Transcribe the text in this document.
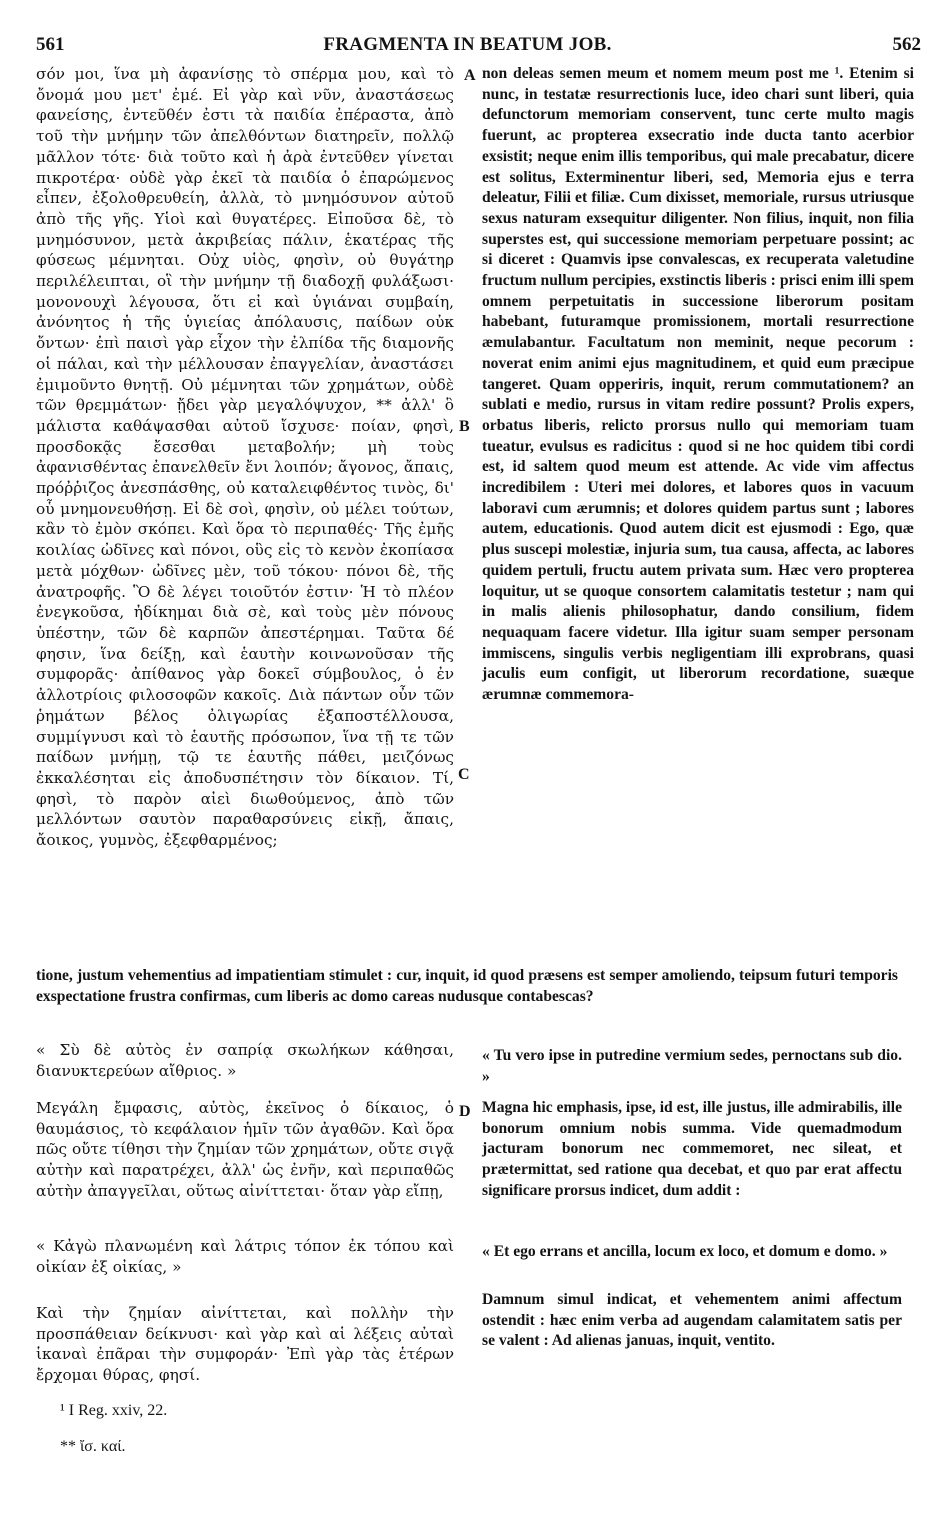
561	FRAGMENTA IN BEATUM JOB.	562

σόν μοι, ἵνα μὴ ἀφανίσῃς τὸ σπέρμα μου, καὶ τὸ ὄνομά μου μετ' ἐμέ. Εἰ γὰρ καὶ νῦν, ἀναστάσεως φανείσης, ἐντεῦθέν ἐστι τὰ παιδία ἐπέραστα, ἀπὸ τοῦ τὴν μνήμην τῶν ἀπελθόντων διατηρεῖν, πολλῷ μᾶλλον τότε· διὰ τοῦτο καὶ ἡ ἀρὰ ἐντεῦθεν γίνεται πικροτέρα· οὐδὲ γὰρ ἐκεῖ τὰ παιδία ὁ ἐπαρώμενος εἶπεν, ἐξολοθρευθείη, ἀλλὰ, τὸ μνημόσυνον αὐτοῦ ἀπὸ τῆς γῆς. Υἱοὶ καὶ θυγατέρες. Εἰποῦσα δὲ, τὸ μνημόσυνον, μετὰ ἀκριβείας πάλιν, ἑκατέρας τῆς φύσεως μέμνηται. Οὐχ υἱὸς, φησὶν, οὐ θυγάτηρ περιλέλειπται, οἳ τὴν μνήμην τῇ διαδοχῇ φυλάξωσι· μονονουχὶ λέγουσα, ὅτι εἰ καὶ ὑγιάναι συμβαίη, ἀνόνητος ἡ τῆς ὑγιείας ἀπόλαυσις, παίδων οὐκ ὄντων· ἐπὶ παισὶ γὰρ εἶχον τὴν ἐλπίδα τῆς διαμονῆς οἱ πάλαι, καὶ τὴν μέλλουσαν ἐπαγγελίαν, ἀναστάσει ἐμιμοῦντο θνητῇ. Οὐ μέμνηται τῶν χρημάτων, οὐδὲ τῶν θρεμμάτων· ᾔδει γὰρ μεγαλόψυχον, ** ἀλλ' ὃ μάλιστα καθάψασθαι αὐτοῦ ἴσχυσε· ποίαν, φησὶ, προσδοκᾷς ἔσεσθαι μεταβολήν; μὴ τοὺς ἀφανισθέντας ἐπανελθεῖν ἔνι λοιπόν; ἄγονος, ἄπαις, πρόῤῥιζος ἀνεσπάσθης, οὐ καταλειφθέντος τινὸς, δι' οὗ μνημονευθήσῃ. Εἰ δὲ σοὶ, φησὶν, οὐ μέλει τούτων, κἂν τὸ ἐμὸν σκόπει. Καὶ ὅρα τὸ περιπαθές· Τῆς ἐμῆς κοιλίας ὠδῖνες καὶ πόνοι, οὓς εἰς τὸ κενὸν ἐκοπίασα μετὰ μόχθων· ὠδῖνες μὲν, τοῦ τόκου· πόνοι δὲ, τῆς ἀνατροφῆς. Ὃ δὲ λέγει τοιοῦτόν ἐστιν· Ἡ τὸ πλέον ἐνεγκοῦσα, ἠδίκημαι διὰ σὲ, καὶ τοὺς μὲν πόνους ὑπέστην, τῶν δὲ καρπῶν ἀπεστέρημαι. Ταῦτα δέ φησιν, ἵνα δείξῃ, καὶ ἑαυτὴν κοινωνοῦσαν τῆς συμφορᾶς· ἀπίθανος γὰρ δοκεῖ σύμβουλος, ὁ ἐν ἀλλοτρίοις φιλοσοφῶν κακοῖς. Διὰ πάντων οὖν τῶν ῥημάτων βέλος ὀλιγωρίας ἐξαποστέλλουσα, συμμίγνυσι καὶ τὸ ἑαυτῆς πρόσωπον, ἵνα τῇ τε τῶν παίδων μνήμῃ, τῷ τε ἑαυτῆς πάθει, μειζόνως ἐκκαλέσηται εἰς ἀποδυσπέτησιν τὸν δίκαιον. Τί, φησὶ, τὸ παρὸν αἰεὶ διωθούμενος, ἀπὸ τῶν μελλόντων σαυτὸν παραθαρσύνεις εἰκῇ, ἄπαις, ἄοικος, γυμνὸς, ἐξεφθαρμένος;

non deleas semen meum et nomem meum post me ¹. Etenim si nunc, in testatæ resurrectionis luce, ideo chari sunt liberi, quia defunctorum memoriam conservent, tunc certe multo magis fuerunt, ac propterea exsecratio inde ducta tanto acerbior exsistit; neque enim illis temporibus, qui male precabatur, dicere est solitus, Exterminentur liberi, sed, Memoria ejus e terra deleatur, Filii et filiæ. Cum dixisset, memoriale, rursus utriusque sexus naturam exsequitur diligenter. Non filius, inquit, non filia superstes est, qui successione memoriam perpetuare possint; ac si diceret : Quamvis ipse convalescas, ex recuperata valetudine fructum nullum percipies, exstinctis liberis : prisci enim illi spem omnem perpetuitatis in successione liberorum positam habebant, futuramque promissionem, mortali resurrectione æmulabantur. Facultatum non meminit, neque pecorum : noverat enim animi ejus magnitudinem, et quid eum præcipue tangeret. Quam opperiris, inquit, rerum commutationem? an sublati e medio, rursus in vitam redire possunt? Prolis expers, orbatus liberis, relicto prorsus nullo qui memoriam tuam tueatur, evulsus es radicitus : quod si ne hoc quidem tibi cordi est, id saltem quod meum est attende. Ac vide vim affectus incredibilem : Uteri mei dolores, et labores quos in vacuum laboravi cum ærumnis; et dolores quidem partus sunt ; labores autem, educationis. Quod autem dicit est ejusmodi : Ego, quæ plus suscepi molestiæ, injuria sum, tua causa, affecta, ac labores quidem pertuli, fructu autem privata sum. Hæc vero propterea loquitur, ut se quoque consortem calamitatis testetur ; nam qui in malis alienis philosophatur, dando consilium, fidem nequaquam facere videtur. Illa igitur suam semper personam immiscens, singulis verbis negligentiam illi exprobrans, quasi jaculis eum configit, ut liberorum recordatione, suæque ærumnæ commemora-

A
B
C
D
tione, justum vehementius ad impatientiam stimulet : cur, inquit, id quod præsens est semper amoliendo, teipsum futuri temporis exspectatione frustra confirmas, cum liberis ac domo careas nudusque contabescas?
« Σὺ δὲ αὐτὸς ἐν σαπρίᾳ σκωλήκων κάθησαι, διανυκτερεύων αἴθριος. »
« Tu vero ipse in putredine vermium sedes, pernoctans sub dio. »
Μεγάλη ἔμφασις, αὐτὸς, ἐκεῖνος ὁ δίκαιος, ὁ θαυμάσιος, τὸ κεφάλαιον ἡμῖν τῶν ἀγαθῶν. Καὶ ὅρα πῶς οὔτε τίθησι τὴν ζημίαν τῶν χρημάτων, οὔτε σιγᾷ αὐτὴν καὶ παρατρέχει, ἀλλ' ὡς ἐνῆν, καὶ περιπαθῶς αὐτὴν ἀπαγγεῖλαι, οὕτως αἰνίττεται· ὅταν γὰρ εἴπῃ,
Magna hic emphasis, ipse, id est, ille justus, ille admirabilis, ille bonorum omnium nobis summa. Vide quemadmodum jacturam bonorum nec commemoret, nec sileat, et prætermittat, sed ratione qua decebat, et quo par erat affectu significare prorsus indicet, dum addit :
« Κἀγὼ πλανωμένη καὶ λάτρις τόπον ἐκ τόπου καὶ οἰκίαν ἐξ οἰκίας, »
« Et ego errans et ancilla, locum ex loco, et domum e domo. »
Καὶ τὴν ζημίαν αἰνίττεται, καὶ πολλὴν τὴν προσπάθειαν δείκνυσι· καὶ γὰρ καὶ αἱ λέξεις αὐταὶ ἱκαναὶ ἐπᾶραι τὴν συμφοράν· Ἐπὶ γὰρ τὰς ἑτέρων ἔρχομαι θύρας, φησί.
Damnum simul indicat, et vehementem animi affectum ostendit : hæc enim verba ad augendam calamitatem satis per se valent : Ad alienas januas, inquit, ventito.
¹ I Reg. xxiv, 22.
** ἴσ. καί.
